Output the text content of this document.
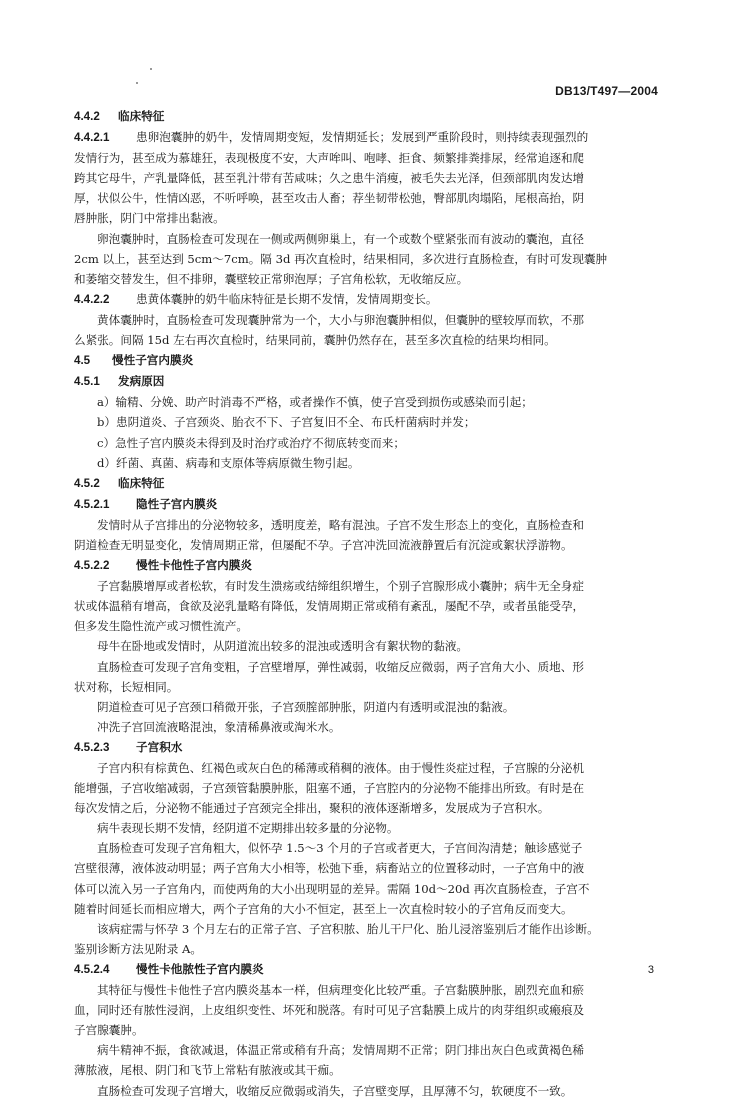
DB13/T497—2004
4.4.2 临床特征
4.4.2.1 患卵泡囊肿的奶牛，发情周期变短，发情期延长；发展到严重阶段时，则持续表现强烈的
发情行为，甚至成为慕雄狂，表现极度不安，大声哞叫、咆哮、拒食、频繁排粪排尿，经常追逐和爬
跨其它母牛，产乳量降低，甚至乳汁带有苦咸味；久之患牛消瘦，被毛失去光泽，但颈部肌肉发达增
厚，状似公牛，性情凶恶，不听呼唤，甚至攻击人畜；荐坐韧带松弛，臀部肌肉塌陷，尾根高抬，阴
唇肿胀，阴门中常排出黏液。
卵泡囊肿时，直肠检查可发现在一侧或两侧卵巢上，有一个或数个壁紧张而有波动的囊泡，直径
2cm 以上，甚至达到 5cm～7cm。隔 3d 再次直检时，结果相同，多次进行直肠检查，有时可发现囊肿
和萎缩交替发生，但不排卵，囊壁较正常卵泡厚；子宫角松软，无收缩反应。
4.4.2.2 患黄体囊肿的奶牛临床特征是长期不发情，发情周期变长。
黄体囊肿时，直肠检查可发现囊肿常为一个，大小与卵泡囊肿相似，但囊肿的壁较厚而软，不那
么紧张。间隔 15d 左右再次直检时，结果同前，囊肿仍然存在，甚至多次直检的结果均相同。
4.5 慢性子宫内膜炎
4.5.1 发病原因
a）输精、分娩、助产时消毒不严格，或者操作不慎，使子宫受到损伤或感染而引起；
b）患阴道炎、子宫颈炎、胎衣不下、子宫复旧不全、布氏杆菌病时并发；
c）急性子宫内膜炎未得到及时治疗或治疗不彻底转变而来；
d）纤菌、真菌、病毒和支原体等病原微生物引起。
4.5.2 临床特征
4.5.2.1 隐性子宫内膜炎
发情时从子宫排出的分泌物较多，透明度差，略有混浊。子宫不发生形态上的变化，直肠检查和
阴道检查无明显变化，发情周期正常，但屡配不孕。子宫冲洗回流液静置后有沉淀或絮状浮游物。
4.5.2.2 慢性卡他性子宫内膜炎
子宫黏膜增厚或者松软，有时发生溃疡或结缔组织增生，个别子宫腺形成小囊肿；病牛无全身症
状或体温稍有增高，食欲及泌乳量略有降低，发情周期正常或稍有紊乱，屡配不孕，或者虽能受孕，
但多发生隐性流产或习惯性流产。
母牛在卧地或发情时，从阴道流出较多的混浊或透明含有絮状物的黏液。
直肠检查可发现子宫角变粗，子宫壁增厚，弹性减弱，收缩反应微弱，两子宫角大小、质地、形
状对称，长短相同。
阴道检查可见子宫颈口稍微开张，子宫颈膣部肿胀，阴道内有透明或混浊的黏液。
冲洗子宫回流液略混浊，象清稀鼻液或淘米水。
4.5.2.3 子宫积水
子宫内积有棕黄色、红褐色或灰白色的稀薄或稍稠的液体。由于慢性炎症过程，子宫腺的分泌机
能增强，子宫收缩减弱，子宫颈管黏膜肿胀，阻塞不通，子宫腔内的分泌物不能排出所致。有时是在
每次发情之后，分泌物不能通过子宫颈完全排出，聚积的液体逐渐增多，发展成为子宫积水。
病牛表现长期不发情，经阴道不定期排出较多量的分泌物。
直肠检查可发现子宫角粗大，似怀孕 1.5～3 个月的子宫或者更大，子宫间沟清楚；触诊感觉子
宫壁很薄，液体波动明显；两子宫角大小相等，松弛下垂，病畜站立的位置移动时，一子宫角中的液
体可以流入另一子宫角内，而使两角的大小出现明显的差异。需隔 10d～20d 再次直肠检查，子宫不
随着时间延长而相应增大，两个子宫角的大小不恒定，甚至上一次直检时较小的子宫角反而变大。
该病症需与怀孕 3 个月左右的正常子宫、子宫积脓、胎儿干尸化、胎儿浸溶鉴别后才能作出诊断。
鉴别诊断方法见附录 A。
4.5.2.4 慢性卡他脓性子宫内膜炎
其特征与慢性卡他性子宫内膜炎基本一样，但病理变化比较严重。子宫黏膜肿胀，剧烈充血和瘀
血，同时还有脓性浸润，上皮组织变性、坏死和脱落。有时可见子宫黏膜上成片的肉芽组织或瘢痕及
子宫腺囊肿。
病牛精神不振，食欲减退，体温正常或稍有升高；发情周期不正常；阴门排出灰白色或黄褐色稀
薄脓液，尾根、阴门和飞节上常粘有脓液或其干痂。
直肠检查可发现子宫增大，收缩反应微弱或消失，子宫壁变厚，且厚薄不匀，软硬度不一致。
3
